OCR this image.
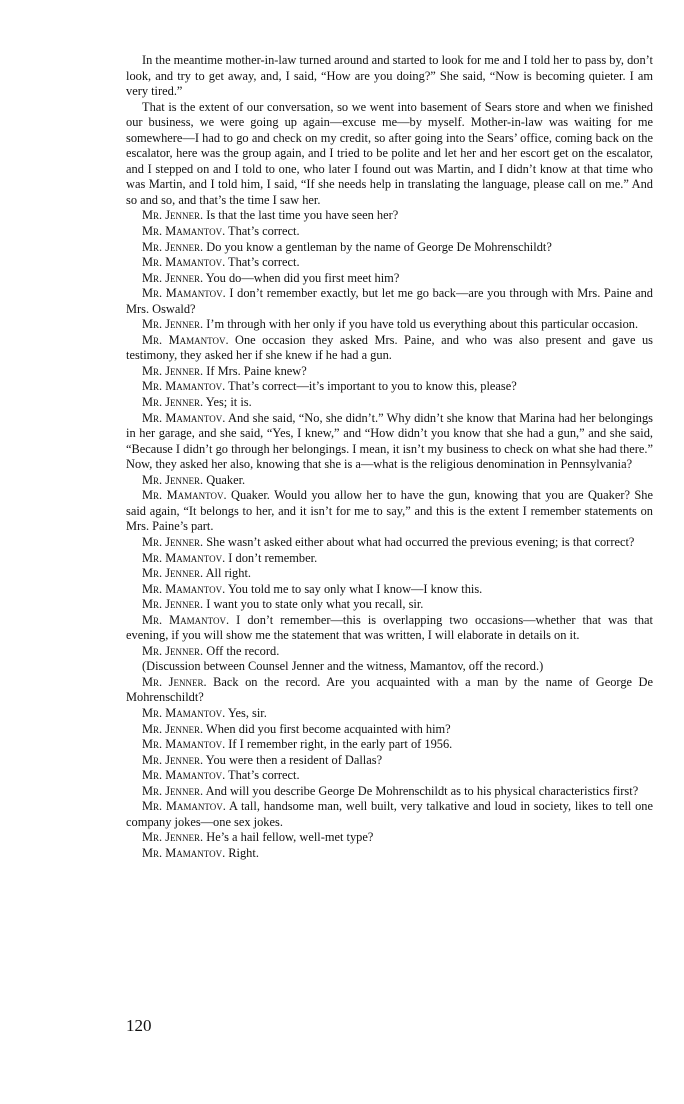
In the meantime mother-in-law turned around and started to look for me and I told her to pass by, don’t look, and try to get away, and, I said, “How are you doing?” She said, “Now is becoming quieter. I am very tired.”

That is the extent of our conversation, so we went into basement of Sears store and when we finished our business, we were going up again—excuse me—by myself. Mother-in-law was waiting for me somewhere—I had to go and check on my credit, so after going into the Sears’ office, coming back on the escalator, here was the group again, and I tried to be polite and let her and her escort get on the escalator, and I stepped on and I told to one, who later I found out was Martin, and I didn’t know at that time who was Martin, and I told him, I said, “If she needs help in translating the language, please call on me.” And so and so, and that’s the time I saw her.

Mr. Jenner. Is that the last time you have seen her?

Mr. Mamantov. That’s correct.

Mr. Jenner. Do you know a gentleman by the name of George De Mohrenschildt?

Mr. Mamantov. That’s correct.

Mr. Jenner. You do—when did you first meet him?

Mr. Mamantov. I don’t remember exactly, but let me go back—are you through with Mrs. Paine and Mrs. Oswald?

Mr. Jenner. I’m through with her only if you have told us everything about this particular occasion.

Mr. Mamantov. One occasion they asked Mrs. Paine, and who was also present and gave us testimony, they asked her if she knew if he had a gun.

Mr. Jenner. If Mrs. Paine knew?

Mr. Mamantov. That’s correct—it’s important to you to know this, please?

Mr. Jenner. Yes; it is.

Mr. Mamantov. And she said, “No, she didn’t.” Why didn’t she know that Marina had her belongings in her garage, and she said, “Yes, I knew,” and “How didn’t you know that she had a gun,” and she said, “Because I didn’t go through her belongings. I mean, it isn’t my business to check on what she had there.” Now, they asked her also, knowing that she is a—what is the religious denomination in Pennsylvania?

Mr. Jenner. Quaker.

Mr. Mamantov. Quaker. Would you allow her to have the gun, knowing that you are Quaker? She said again, “It belongs to her, and it isn’t for me to say,” and this is the extent I remember statements on Mrs. Paine’s part.

Mr. Jenner. She wasn’t asked either about what had occurred the previous evening; is that correct?

Mr. Mamantov. I don’t remember.

Mr. Jenner. All right.

Mr. Mamantov. You told me to say only what I know—I know this.

Mr. Jenner. I want you to state only what you recall, sir.

Mr. Mamantov. I don’t remember—this is overlapping two occasions—whether that was that evening, if you will show me the statement that was written, I will elaborate in details on it.

Mr. Jenner. Off the record.

(Discussion between Counsel Jenner and the witness, Mamantov, off the record.)

Mr. Jenner. Back on the record. Are you acquainted with a man by the name of George De Mohrenschildt?

Mr. Mamantov. Yes, sir.

Mr. Jenner. When did you first become acquainted with him?

Mr. Mamantov. If I remember right, in the early part of 1956.

Mr. Jenner. You were then a resident of Dallas?

Mr. Mamantov. That’s correct.

Mr. Jenner. And will you describe George De Mohrenschildt as to his physical characteristics first?

Mr. Mamantov. A tall, handsome man, well built, very talkative and loud in society, likes to tell one company jokes—one sex jokes.

Mr. Jenner. He’s a hail fellow, well-met type?

Mr. Mamantov. Right.

120
